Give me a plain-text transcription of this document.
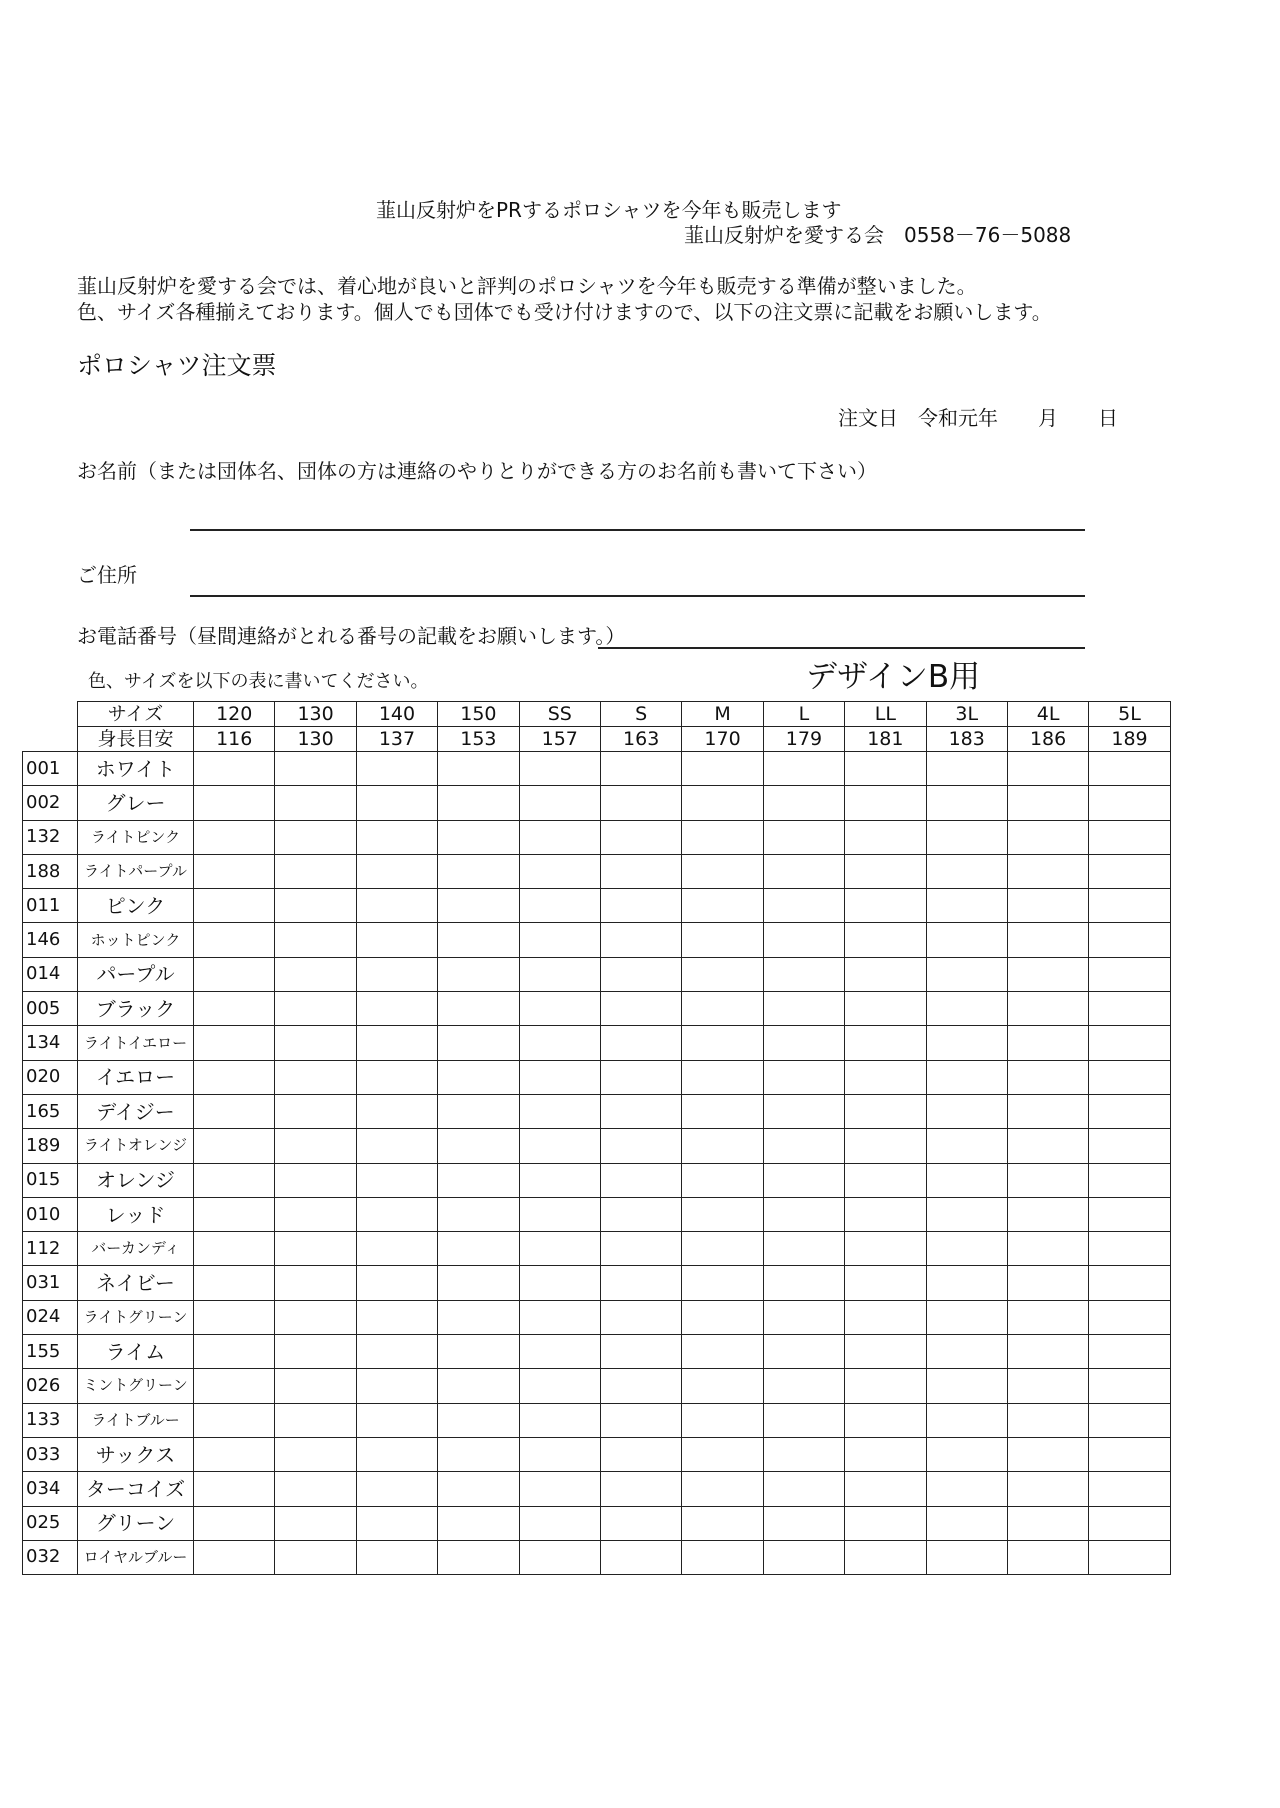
韮山反射炉をPRするポロシャツを今年も販売します
韮山反射炉を愛する会　0558－76－5088
韮山反射炉を愛する会では、着心地が良いと評判のポロシャツを今年も販売する準備が整いました。
色、サイズ各種揃えております。個人でも団体でも受け付けますので、以下の注文票に記載をお願いします。
ポロシャツ注文票
注文日　令和元年　　月　　日
お名前（または団体名、団体の方は連絡のやりとりができる方のお名前も書いて下さい）
ご住所
お電話番号（昼間連絡がとれる番号の記載をお願いします。）
色、サイズを以下の表に書いてください。	デザインB用
	サイズ	120	130	140	150	SS	S	M	L	LL	3L	4L	5L
	身長目安	116	130	137	153	157	163	170	179	181	183	186	189
001	ホワイト												
002	グレー												
132	ライトピンク												
188	ライトパープル												
011	ピンク												
146	ホットピンク												
014	パープル												
005	ブラック												
134	ライトイエロー												
020	イエロー												
165	デイジー												
189	ライトオレンジ												
015	オレンジ												
010	レッド												
112	バーカンディ												
031	ネイビー												
024	ライトグリーン												
155	ライム												
026	ミントグリーン												
133	ライトブルー												
033	サックス												
034	ターコイズ												
025	グリーン												
032	ロイヤルブルー												
